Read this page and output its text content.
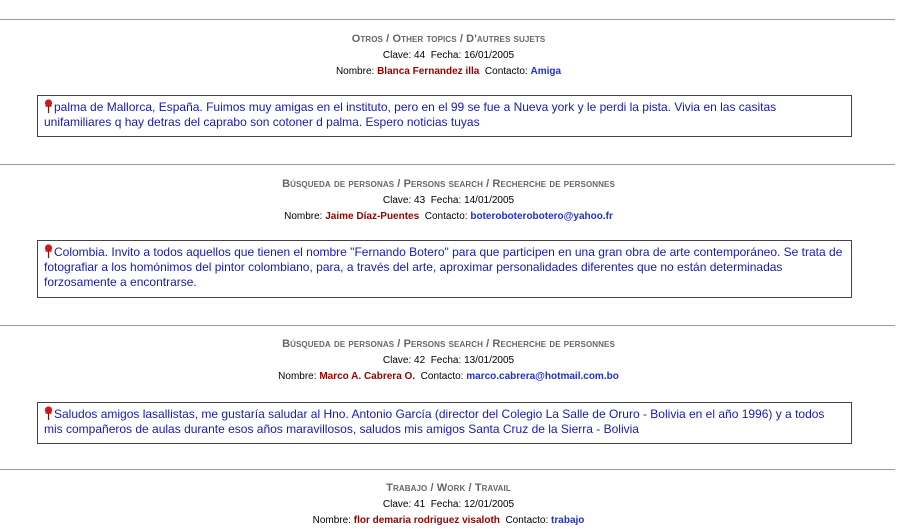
Otros / Other topics / D'autres sujets
Clave: 44 Fecha: 16/01/2005
Nombre: Blanca Fernandez illa Contacto: Amiga
palma de Mallorca, España. Fuimos muy amigas en el instituto, pero en el 99 se fue a Nueva york y le perdi la pista. Vivia en las casitas unifamiliares q hay detras del caprabo son cotoner d palma. Espero noticias tuyas
Búsqueda de personas / Persons search / Recherche de personnes
Clave: 43 Fecha: 14/01/2005
Nombre: Jaime Díaz-Puentes Contacto: boteroboterobotero@yahoo.fr
Colombia. Invito a todos aquellos que tienen el nombre "Fernando Botero" para que participen en una gran obra de arte contemporáneo. Se trata de fotografiar a los homónimos del pintor colombiano, para, a través del arte, aproximar personalidades diferentes que no están determinadas forzosamente a encontrarse.
Búsqueda de personas / Persons search / Recherche de personnes
Clave: 42 Fecha: 13/01/2005
Nombre: Marco A. Cabrera O. Contacto: marco.cabrera@hotmail.com.bo
Saludos amigos lasallistas, me gustaría saludar al Hno. Antonio García (director del Colegio La Salle de Oruro - Bolivia en el año 1996) y a todos mis compañeros de aulas durante esos años maravillosos, saludos mis amigos Santa Cruz de la Sierra - Bolivia
Trabajo / Work / Travail
Clave: 41 Fecha: 12/01/2005
Nombre: flor demaria rodriguez visaloth Contacto: trabajo
